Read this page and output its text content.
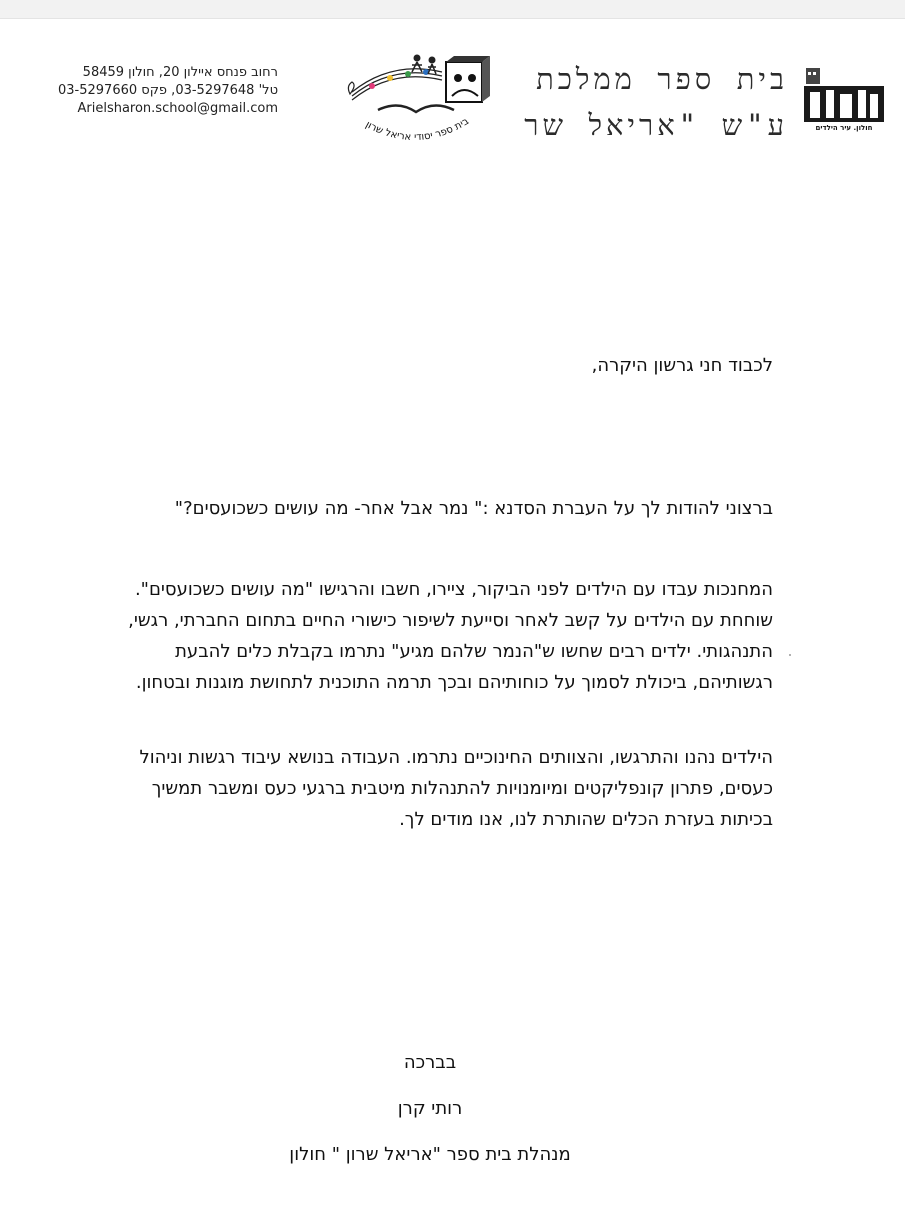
רחוב פנחס איילון 20, חולון 58459
טל' 03-5297648, פקס 03-5297660
Arielsharon.school@gmail.com
בית ספר יסודי אריאל שרון
בית ספר ממלכת
ע"ש "אריאל שר	חולון. עיר הילדים
לכבוד חני גרשון היקרה,

ברצוני להודות לך על העברת הסדנא :" נמר אבל אחר- מה עושים כשכועסים?"

המחנכות עבדו עם הילדים לפני הביקור, ציירו, חשבו והרגישו "מה עושים כשכועסים". שוחחת עם הילדים על קשב לאחר וסייעת לשיפור כישורי החיים בתחום החברתי, רגשי, התנהגותי. ילדים רבים שחשו ש"הנמר שלהם מגיע" נתרמו בקבלת כלים להבעת רגשותיהם, ביכולת לסמוך על כוחותיהם ובכך תרמה התוכנית לתחושת מוגנות ובטחון.

הילדים נהנו והתרגשו, והצוותים החינוכיים נתרמו. העבודה בנושא עיבוד רגשות וניהול כעסים, פתרון קונפליקטים ומיומנויות להתנהלות מיטבית ברגעי כעס ומשבר תמשיך בכיתות בעזרת הכלים שהותרת לנו, אנו מודים לך.

בברכה
רותי קרן
מנהלת בית ספר "אריאל שרון " חולון
